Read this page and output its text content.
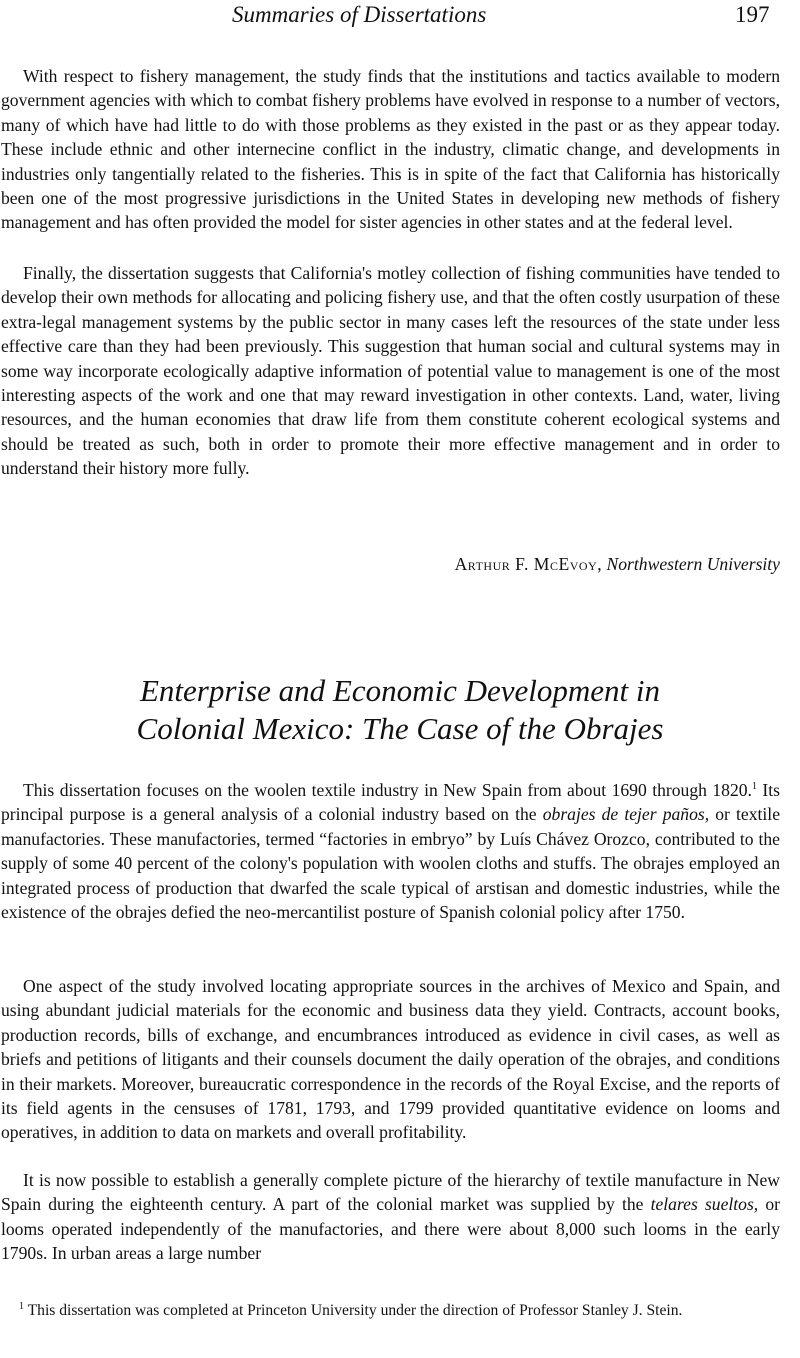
Summaries of Dissertations	197

With respect to fishery management, the study finds that the institutions and tactics available to modern government agencies with which to combat fishery problems have evolved in response to a number of vectors, many of which have had little to do with those problems as they existed in the past or as they appear today. These include ethnic and other internecine conflict in the industry, climatic change, and developments in industries only tangentially related to the fisheries. This is in spite of the fact that California has historically been one of the most progressive jurisdictions in the United States in developing new methods of fishery management and has often provided the model for sister agencies in other states and at the federal level.

Finally, the dissertation suggests that California's motley collection of fishing communities have tended to develop their own methods for allocating and policing fishery use, and that the often costly usurpation of these extra-legal management systems by the public sector in many cases left the resources of the state under less effective care than they had been previously. This suggestion that human social and cultural systems may in some way incorporate ecologically adaptive information of potential value to management is one of the most interesting aspects of the work and one that may reward investigation in other contexts. Land, water, living resources, and the human economies that draw life from them constitute coherent ecological systems and should be treated as such, both in order to promote their more effective management and in order to understand their history more fully.

Arthur F. McEvoy, Northwestern University
Enterprise and Economic Development in
Colonial Mexico: The Case of the Obrajes

This dissertation focuses on the woolen textile industry in New Spain from about 1690 through 1820.$^1$ Its principal purpose is a general analysis of a colonial industry based on the obrajes de tejer paños, or textile manufactories. These manufactories, termed “factories in embryo” by Luís Chávez Orozco, contributed to the supply of some 40 percent of the colony's population with woolen cloths and stuffs. The obrajes employed an integrated process of production that dwarfed the scale typical of arstisan and domestic industries, while the existence of the obrajes defied the neo-mercantilist posture of Spanish colonial policy after 1750.

One aspect of the study involved locating appropriate sources in the archives of Mexico and Spain, and using abundant judicial materials for the economic and business data they yield. Contracts, account books, production records, bills of exchange, and encumbrances introduced as evidence in civil cases, as well as briefs and petitions of litigants and their counsels document the daily operation of the obrajes, and conditions in their markets. Moreover, bureaucratic correspondence in the records of the Royal Excise, and the reports of its field agents in the censuses of 1781, 1793, and 1799 provided quantitative evidence on looms and operatives, in addition to data on markets and overall profitability.

It is now possible to establish a generally complete picture of the hierarchy of textile manufacture in New Spain during the eighteenth century. A part of the colonial market was supplied by the telares sueltos, or looms operated independently of the manufactories, and there were about 8,000 such looms in the early 1790s. In urban areas a large number

$^1$ This dissertation was completed at Princeton University under the direction of Professor Stanley J. Stein.
